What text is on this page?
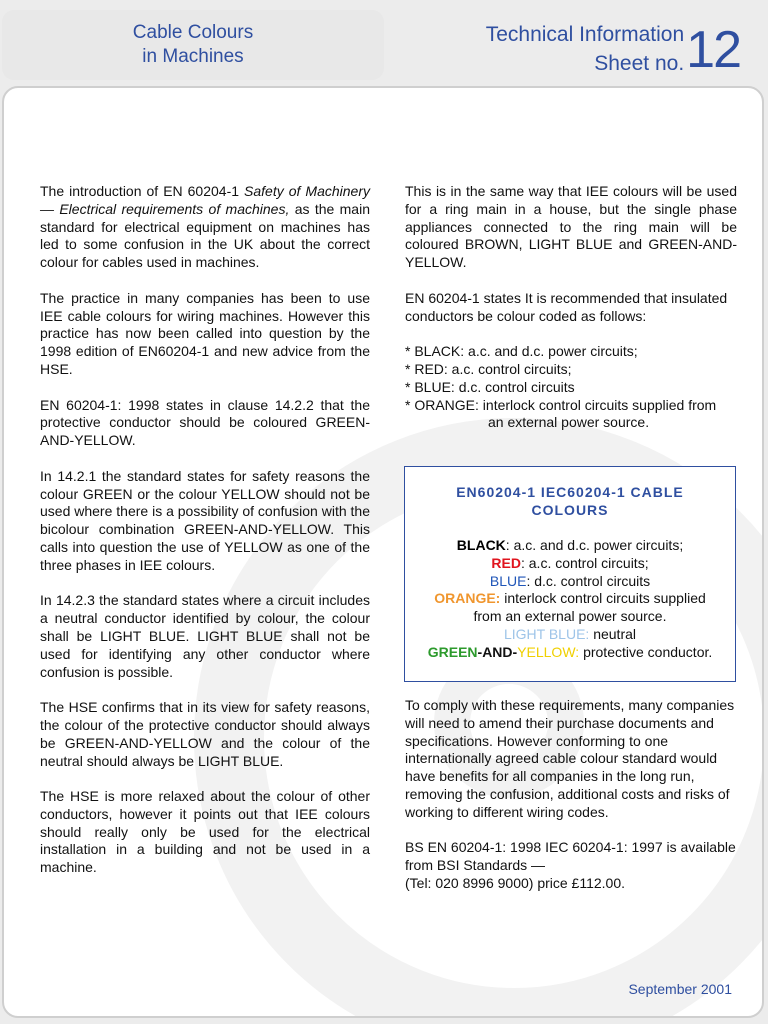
Cable Colours
in Machines
Technical Information
Sheet no. 12

The introduction of EN 60204-1 Safety of Machinery — Electrical requirements of machines, as the main standard for electrical equipment on machines has led to some confusion in the UK about the correct colour for cables used in machines.

The practice in many companies has been to use IEE cable colours for wiring machines. However this practice has now been called into question by the 1998 edition of EN60204-1 and new advice from the HSE.

EN 60204-1: 1998 states in clause 14.2.2 that the protective conductor should be coloured GREEN-AND-YELLOW.

In 14.2.1 the standard states for safety reasons the colour GREEN or the colour YELLOW should not be used where there is a possibility of confusion with the bicolour combination GREEN-AND-YELLOW. This calls into question the use of YELLOW as one of the three phases in IEE colours.

In 14.2.3 the standard states where a circuit includes a neutral conductor identified by colour, the colour shall be LIGHT BLUE. LIGHT BLUE shall not be used for identifying any other conductor where confusion is possible.

The HSE confirms that in its view for safety reasons, the colour of the protective conductor should always be GREEN-AND-YELLOW and the colour of the neutral should always be LIGHT BLUE.

The HSE is more relaxed about the colour of other conductors, however it points out that IEE colours should really only be used for the electrical installation in a building and not be used in a machine.

This is in the same way that IEE colours will be used for a ring main in a house, but the single phase appliances connected to the ring main will be coloured BROWN, LIGHT BLUE and GREEN-AND-YELLOW.

EN 60204-1 states It is recommended that insulated conductors be colour coded as follows:

* BLACK: a.c. and d.c. power circuits;
* RED: a.c. control circuits;
* BLUE: d.c. control circuits
* ORANGE: interlock control circuits supplied from
an external power source.
EN60204-1 IEC60204-1 CABLE COLOURS
BLACK: a.c. and d.c. power circuits;
RED: a.c. control circuits;
BLUE: d.c. control circuits
ORANGE: interlock control circuits supplied
from an external power source.
LIGHT BLUE: neutral
GREEN-AND-YELLOW: protective conductor.

To comply with these requirements, many companies will need to amend their purchase documents and specifications. However conforming to one internationally agreed cable colour standard would have benefits for all companies in the long run, removing the confusion, additional costs and risks of working to different wiring codes.

BS EN 60204-1: 1998 IEC 60204-1: 1997 is available from BSI Standards —
(Tel: 020 8996 9000) price £112.00.
September 2001
